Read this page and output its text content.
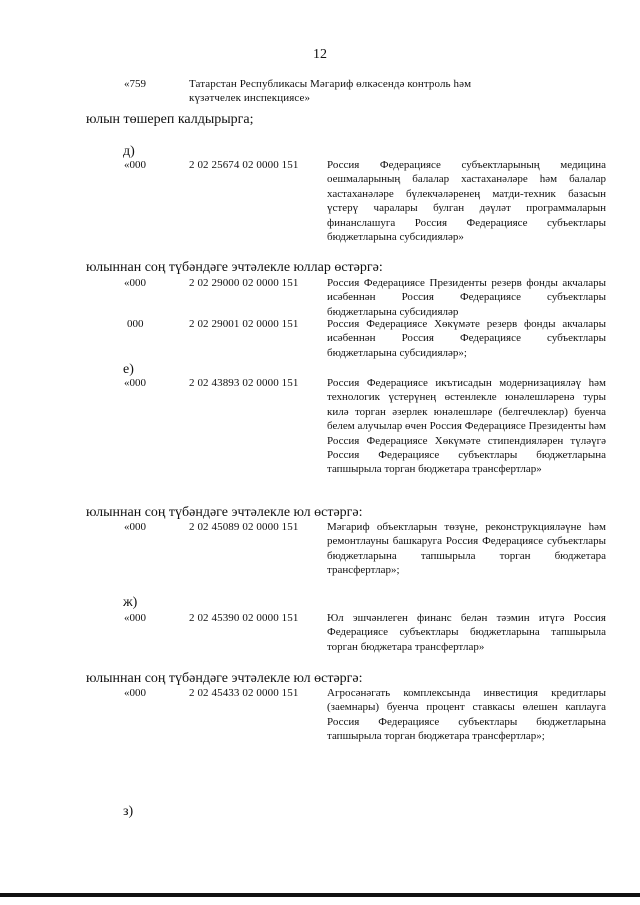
12
«759	Татарстан Республикасы Мәгариф өлкәсендә контроль һәм күзәтчелек инспекциясе»
юлын төшереп калдырырга;
д)
«000	2 02 25674 02 0000 151	Россия Федерациясе субъектларының медицина оешмаларының балалар хастаханәләре һәм балалар хастаханәләре бүлекчәләренең матди-техник базасын үстерү чаралары булган дәүләт программаларын финанслашуга Россия Федерациясе субъектлары бюджетларына субсидияләр»
юлыннан соң түбәндәге эчтәлекле юллар өстәргә:
«000	2 02 29000 02 0000 151	Россия Федерациясе Президенты резерв фонды акчалары исәбеннән Россия Федерациясе субъектлары бюджетларына субсидияләр
000	2 02 29001 02 0000 151	Россия Федерациясе Хөкүмәте резерв фонды акчалары исәбеннән Россия Федерациясе субъектлары бюджетларына субсидияләр»;
е)
«000	2 02 43893 02 0000 151	Россия Федерациясе икътисадын модернизацияләү һәм технологик үстерүнең өстенлекле юнәлешләренә туры килә торган әзерлек юнәлешләре (белгечлекләр) буенча белем алучылар өчен Россия Федерациясе Президенты һәм Россия Федерациясе Хөкүмәте стипендияләрен түләүгә Россия Федерациясе субъектлары бюджетларына тапшырыла торган бюджетара трансфертлар»
юлыннан соң түбәндәге эчтәлекле юл өстәргә:
«000	2 02 45089 02 0000 151	Мәгариф объектларын төзүне, реконструкцияләүне һәм ремонтлауны башкаруга Россия Федерациясе субъектлары бюджетларына тапшырыла торган бюджетара трансфертлар»;
ж)
«000	2 02 45390 02 0000 151	Юл эшчәнлеген финанс белән тәэмин итүгә Россия Федерациясе субъектлары бюджетларына тапшырыла торган бюджетара трансфертлар»
юлыннан соң түбәндәге эчтәлекле юл өстәргә:
«000	2 02 45433 02 0000 151	Агросәнәгать комплексында инвестиция кредитлары (заемнары) буенча процент ставкасы өлешен каплауга Россия Федерациясе субъектлары бюджетларына тапшырыла торган бюджетара трансфертлар»;
з)
